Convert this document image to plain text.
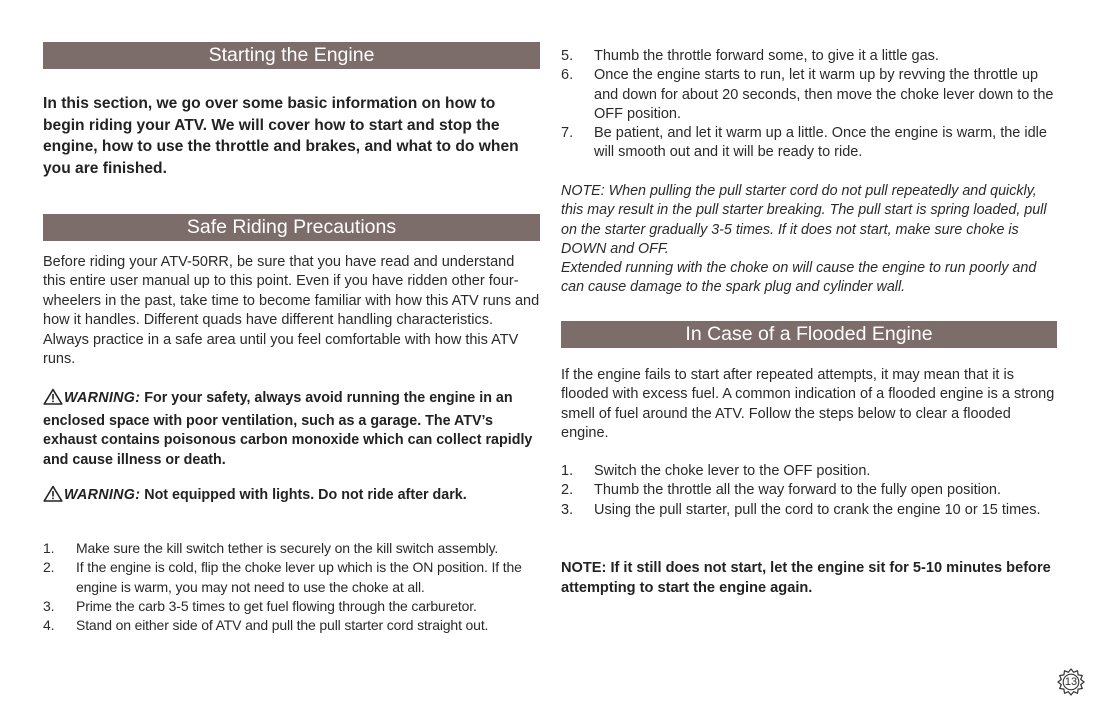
Starting the Engine

In this section, we go over some basic information on how to begin riding your ATV. We will cover how to start and stop the engine, how to use the throttle and brakes, and what to do when you are finished.

Safe Riding Precautions

Before riding your ATV-50RR, be sure that you have read and understand this entire user manual up to this point. Even if you have ridden other four-wheelers in the past, take time to become familiar with how this ATV runs and how it handles. Different quads have different handling characteristics. Always practice in a safe area until you feel comfortable with how this ATV runs.

WARNING: For your safety, always avoid running the engine in an enclosed space with poor ventilation, such as a garage. The ATV’s exhaust contains poisonous carbon monoxide which can collect rapidly and cause illness or death.

WARNING: Not equipped with lights. Do not ride after dark.

1. Make sure the kill switch tether is securely on the kill switch assembly.
2. If the engine is cold, flip the choke lever up which is the ON position. If the engine is warm, you may not need to use the choke at all.
3. Prime the carb 3-5 times to get fuel flowing through the carburetor.
4. Stand on either side of ATV and pull the pull starter cord straight out.
5. Thumb the throttle forward some, to give it a little gas.
6. Once the engine starts to run, let it warm up by revving the throttle up and down for about 20 seconds, then move the choke lever down to the OFF position.
7. Be patient, and let it warm up a little. Once the engine is warm, the idle will smooth out and it will be ready to ride.

NOTE: When pulling the pull starter cord do not pull repeatedly and quickly, this may result in the pull starter breaking. The pull start is spring loaded, pull on the starter gradually 3-5 times. If it does not start, make sure choke is DOWN and OFF.

Extended running with the choke on will cause the engine to run poorly and can cause damage to the spark plug and cylinder wall.

In Case of a Flooded Engine

If the engine fails to start after repeated attempts, it may mean that it is flooded with excess fuel. A common indication of a flooded engine is a strong smell of fuel around the ATV. Follow the steps below to clear a flooded engine.

1. Switch the choke lever to the OFF position.
2. Thumb the throttle all the way forward to the fully open position.
3. Using the pull starter, pull the cord to crank the engine 10 or 15 times.

NOTE: If it still does not start, let the engine sit for 5-10 minutes before attempting to start the engine again.

13
